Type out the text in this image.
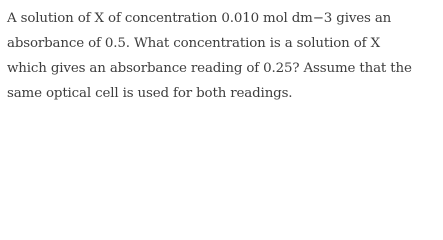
A solution of X of concentration 0.010 mol dm−3 gives an
absorbance of 0.5. What concentration is a solution of X
which gives an absorbance reading of 0.25? Assume that the
same optical cell is used for both readings.
